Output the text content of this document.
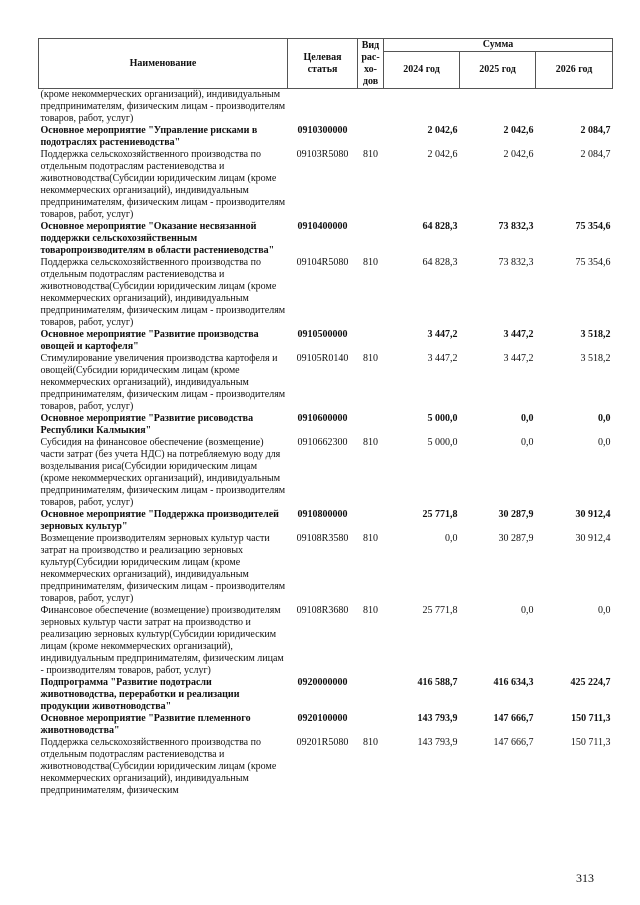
Наименование	Целевая статья	Вид рас-хо-дов	Сумма		
			2024 год	2025 год	2026 год
(кроме некоммерческих организаций), индивидуальным предпринимателям, физическим лицам - производителям товаров, работ, услуг)					
Основное мероприятие "Управление рисками в подотраслях растениеводства"	0910300000		2 042,6	2 042,6	2 084,7
Поддержка сельскохозяйственного производства по отдельным подотраслям растениеводства и животноводства(Субсидии юридическим лицам (кроме некоммерческих организаций), индивидуальным предпринимателям, физическим лицам - производителям товаров, работ, услуг)	09103R5080	810	2 042,6	2 042,6	2 084,7
Основное мероприятие "Оказание несвязанной поддержки сельскохозяйственным товаропроизводителям в области растениеводства"	0910400000		64 828,3	73 832,3	75 354,6
Поддержка сельскохозяйственного производства по отдельным подотраслям растениеводства и животноводства(Субсидии юридическим лицам (кроме некоммерческих организаций), индивидуальным предпринимателям, физическим лицам - производителям товаров, работ, услуг)	09104R5080	810	64 828,3	73 832,3	75 354,6
Основное мероприятие "Развитие производства овощей и картофеля"	0910500000		3 447,2	3 447,2	3 518,2
Стимулирование увеличения производства картофеля и овощей(Субсидии юридическим лицам (кроме некоммерческих организаций), индивидуальным предпринимателям, физическим лицам - производителям товаров, работ, услуг)	09105R0140	810	3 447,2	3 447,2	3 518,2
Основное мероприятие "Развитие рисоводства Республики Калмыкия"	0910600000		5 000,0	0,0	0,0
Субсидия на финансовое обеспечение (возмещение) части затрат (без учета НДС) на потребляемую воду для возделывания риса(Субсидии юридическим лицам (кроме некоммерческих организаций), индивидуальным предпринимателям, физическим лицам - производителям товаров, работ, услуг)	0910662300	810	5 000,0	0,0	0,0
Основное мероприятие "Поддержка производителей зерновых культур"	0910800000		25 771,8	30 287,9	30 912,4
Возмещение производителям зерновых культур части затрат на производство и реализацию зерновых культур(Субсидии юридическим лицам (кроме некоммерческих организаций), индивидуальным предпринимателям, физическим лицам - производителям товаров, работ, услуг)	09108R3580	810	0,0	30 287,9	30 912,4
Финансовое обеспечение (возмещение) производителям зерновых культур части затрат на производство и реализацию зерновых культур(Субсидии юридическим лицам (кроме некоммерческих организаций), индивидуальным предпринимателям, физическим лицам - производителям товаров, работ, услуг)	09108R3680	810	25 771,8	0,0	0,0
Подпрограмма "Развитие подотрасли животноводства, переработки и реализации продукции животноводства"	0920000000		416 588,7	416 634,3	425 224,7
Основное мероприятие "Развитие племенного животноводства"	0920100000		143 793,9	147 666,7	150 711,3
Поддержка сельскохозяйственного производства по отдельным подотраслям растениеводства и животноводства(Субсидии юридическим лицам (кроме некоммерческих организаций), индивидуальным предпринимателям, физическим	09201R5080	810	143 793,9	147 666,7	150 711,3
313
